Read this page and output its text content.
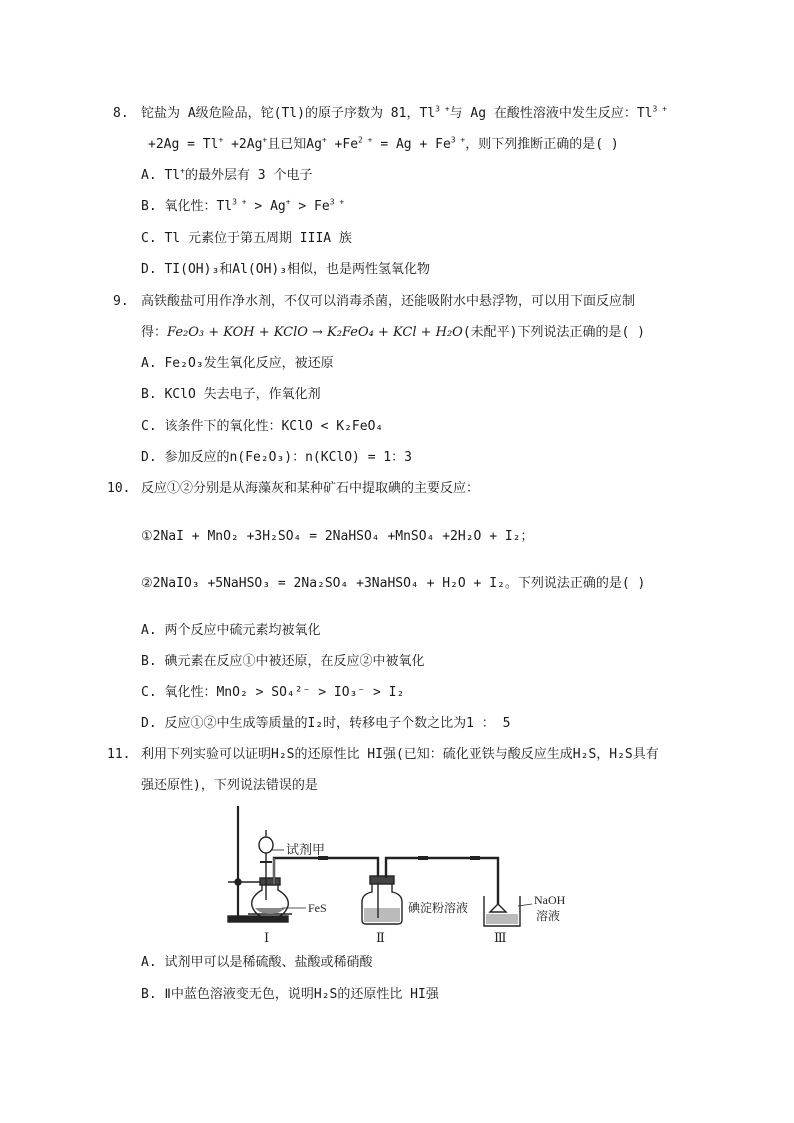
8. 铊盐为 A级危险品，铊(Tl)的原子序数为 81，$Tl^{3 +}$与 Ag 在酸性溶液中发生反应：$Tl^{3 +}$
+2Ag = Tl+ +2Ag+且已知$Ag^+ +Fe^{2 +} = Ag + Fe^{3 +}$，则下列推断正确的是( )
A. Tl+的最外层有 3 个电子
B. 氧化性：$Tl^{3 +} > Ag^+ > Fe^{3 +}$
C. Tl 元素位于第五周期 IIIA 族
D. TI(OH)₃和Al(OH)₃相似，也是两性氢氧化物
9. 高铁酸盐可用作净水剂，不仅可以消毒杀菌，还能吸附水中悬浮物，可以用下面反应制
得：Fe₂O₃ + KOH + KClO → K₂FeO₄ + KCl + H₂O(未配平)下列说法正确的是( )
A. Fe₂O₃发生氧化反应，被还原
B. KClO 失去电子，作氧化剂
C. 该条件下的氧化性：KClO < K₂FeO₄
D. 参加反应的n(Fe₂O₃)：n(KClO) = 1：3
10. 反应①②分别是从海藻灰和某种矿石中提取碘的主要反应：
①2NaI + MnO₂ +3H₂SO₄ = 2NaHSO₄ +MnSO₄ +2H₂O + I₂；
②2NaIO₃ +5NaHSO₃ = 2Na₂SO₄ +3NaHSO₄ + H₂O + I₂。下列说法正确的是( )
A. 两个反应中硫元素均被氧化
B. 碘元素在反应①中被还原，在反应②中被氧化
C. 氧化性：MnO₂ > SO₄²⁻ > IO₃⁻ > I₂
D. 反应①②中生成等质量的I₂时，转移电子个数之比为1 ： 5
11. 利用下列实验可以证明H₂S的还原性比 HI强(已知：硫化亚铁与酸反应生成H₂S，H₂S具有
强还原性)，下列说法错误的是
试剂甲
FeS	碘淀粉溶液
NaOH
溶液
Ⅰ	Ⅱ	Ⅲ
A. 试剂甲可以是稀硫酸、盐酸或稀硝酸
B. Ⅱ中蓝色溶液变无色，说明H₂S的还原性比 HI强
